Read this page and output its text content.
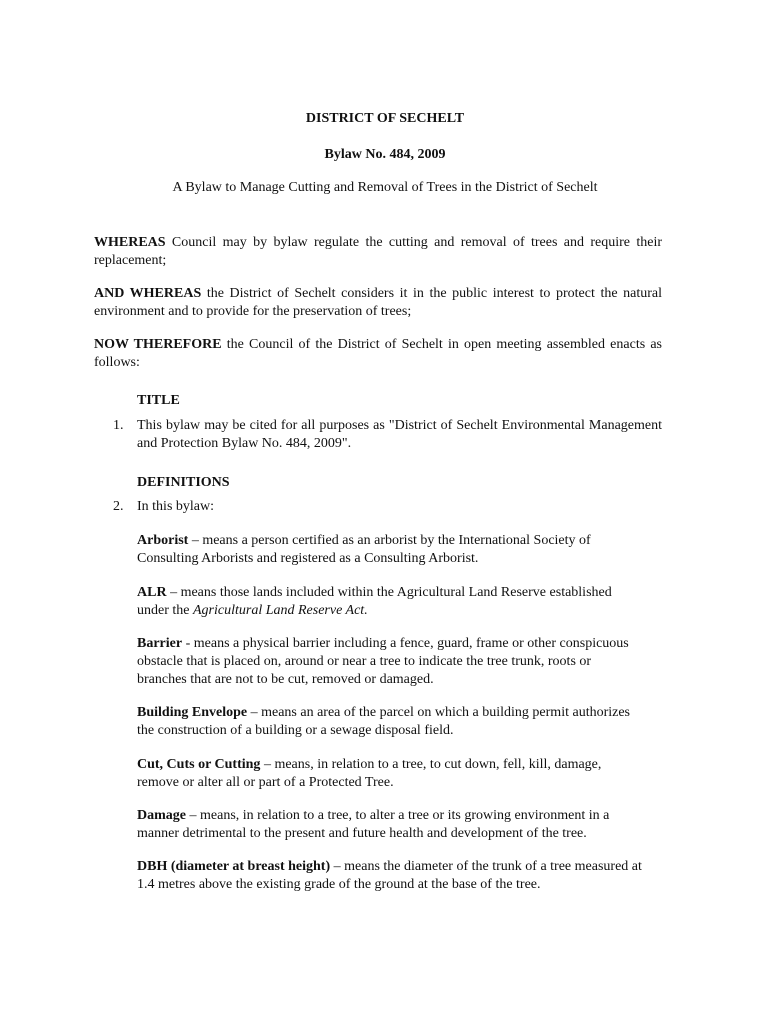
DISTRICT OF SECHELT
Bylaw No. 484, 2009
A Bylaw to Manage Cutting and Removal of Trees in the District of Sechelt
WHEREAS Council may by bylaw regulate the cutting and removal of trees and require their replacement;
AND WHEREAS the District of Sechelt considers it in the public interest to protect the natural environment and to provide for the preservation of trees;
NOW THEREFORE the Council of the District of Sechelt in open meeting assembled enacts as follows:
TITLE
1. This bylaw may be cited for all purposes as "District of Sechelt Environmental Management and Protection Bylaw No. 484, 2009".
DEFINITIONS
2. In this bylaw:
Arborist – means a person certified as an arborist by the International Society of Consulting Arborists and registered as a Consulting Arborist.
ALR – means those lands included within the Agricultural Land Reserve established under the Agricultural Land Reserve Act.
Barrier - means a physical barrier including a fence, guard, frame or other conspicuous obstacle that is placed on, around or near a tree to indicate the tree trunk, roots or branches that are not to be cut, removed or damaged.
Building Envelope – means an area of the parcel on which a building permit authorizes the construction of a building or a sewage disposal field.
Cut, Cuts or Cutting – means, in relation to a tree, to cut down, fell, kill, damage, remove or alter all or part of a Protected Tree.
Damage – means, in relation to a tree, to alter a tree or its growing environment in a manner detrimental to the present and future health and development of the tree.
DBH (diameter at breast height) – means the diameter of the trunk of a tree measured at 1.4 metres above the existing grade of the ground at the base of the tree.
